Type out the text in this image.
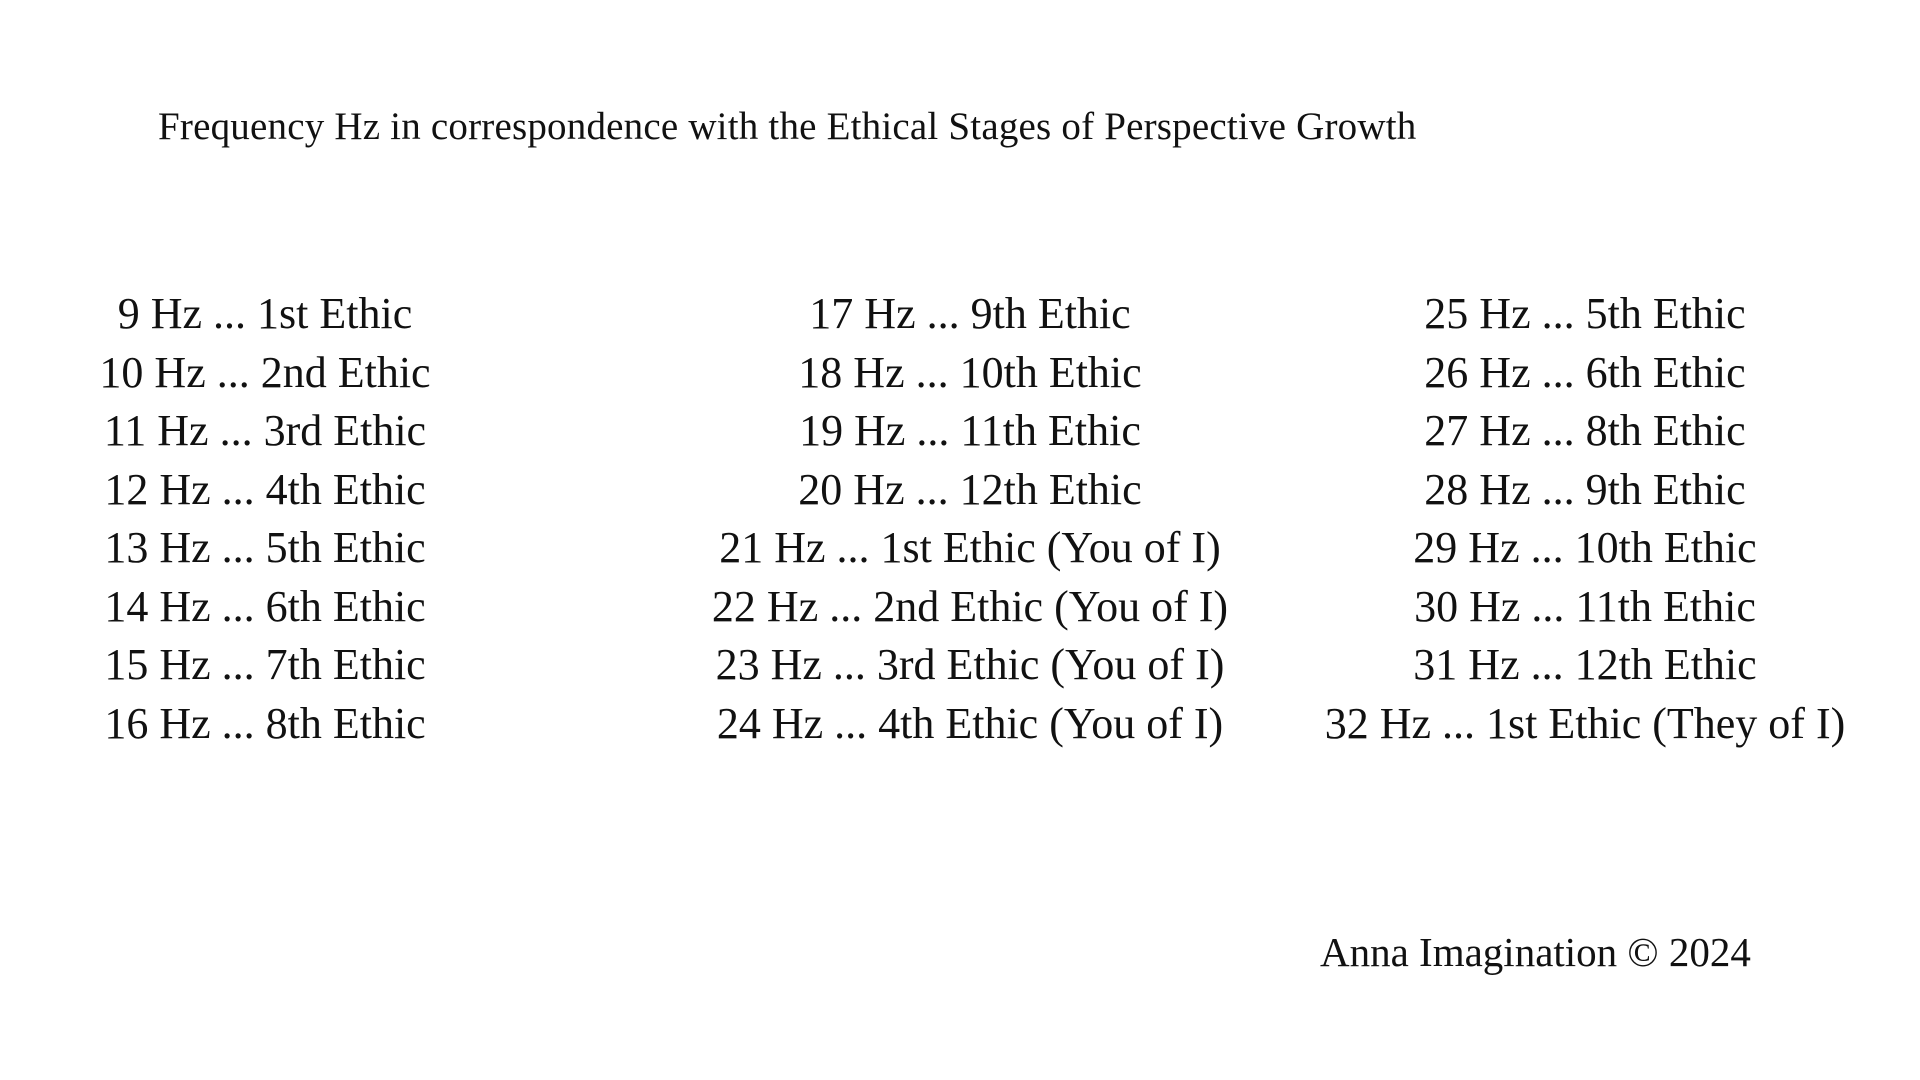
Frequency Hz in correspondence with the Ethical Stages of Perspective Growth
9 Hz ... 1st Ethic
10 Hz ... 2nd Ethic
11 Hz ... 3rd Ethic
12 Hz ... 4th Ethic
13 Hz ... 5th Ethic
14 Hz ... 6th Ethic
15 Hz ... 7th Ethic
16 Hz ... 8th Ethic
17 Hz ... 9th Ethic
18 Hz ... 10th Ethic
19 Hz ... 11th Ethic
20 Hz ... 12th Ethic
21 Hz ... 1st Ethic (You of I)
22 Hz ... 2nd Ethic (You of I)
23 Hz ... 3rd Ethic (You of I)
24 Hz ... 4th Ethic (You of I)
25 Hz ... 5th Ethic
26 Hz ... 6th Ethic
27 Hz ... 8th Ethic
28 Hz ... 9th Ethic
29 Hz ... 10th Ethic
30 Hz ... 11th Ethic
31 Hz ... 12th Ethic
32 Hz ... 1st Ethic (They of I)
Anna Imagination © 2024
